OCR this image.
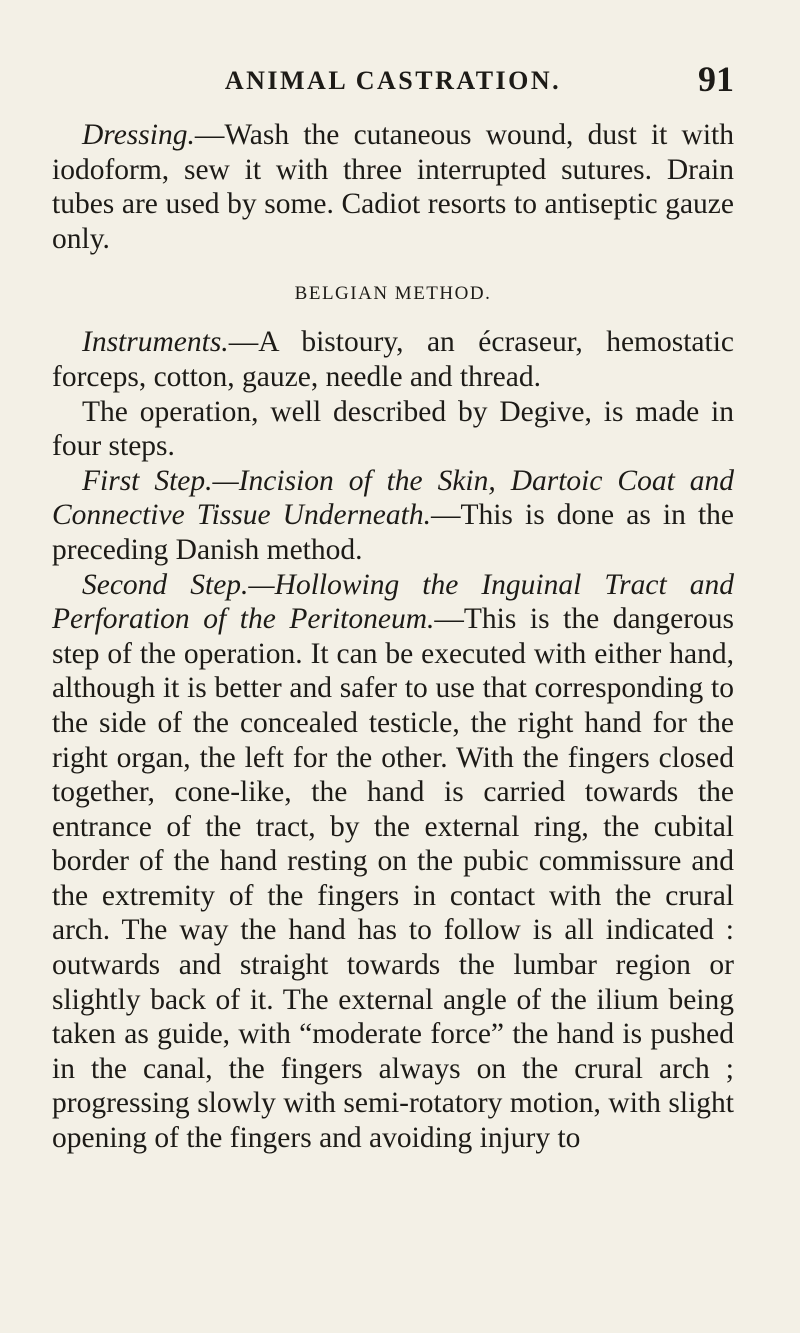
ANIMAL CASTRATION.	91

Dressing.—Wash the cutaneous wound, dust it with iodoform, sew it with three interrupted sutures. Drain tubes are used by some. Cadiot resorts to antiseptic gauze only.

BELGIAN METHOD.

Instruments.—A bistoury, an écraseur, hemostatic forceps, cotton, gauze, needle and thread.

The operation, well described by Degive, is made in four steps.

First Step.—Incision of the Skin, Dartoic Coat and Connective Tissue Underneath.—This is done as in the preceding Danish method.

Second Step.—Hollowing the Inguinal Tract and Perforation of the Peritoneum.—This is the dangerous step of the operation. It can be executed with either hand, although it is better and safer to use that corresponding to the side of the concealed testicle, the right hand for the right organ, the left for the other. With the fingers closed together, cone-like, the hand is carried towards the entrance of the tract, by the external ring, the cubital border of the hand resting on the pubic commissure and the extremity of the fingers in contact with the crural arch. The way the hand has to follow is all indicated : outwards and straight towards the lumbar region or slightly back of it. The external angle of the ilium being taken as guide, with “moderate force” the hand is pushed in the canal, the fingers always on the crural arch ; progressing slowly with semi-rotatory motion, with slight opening of the fingers and avoiding injury to
